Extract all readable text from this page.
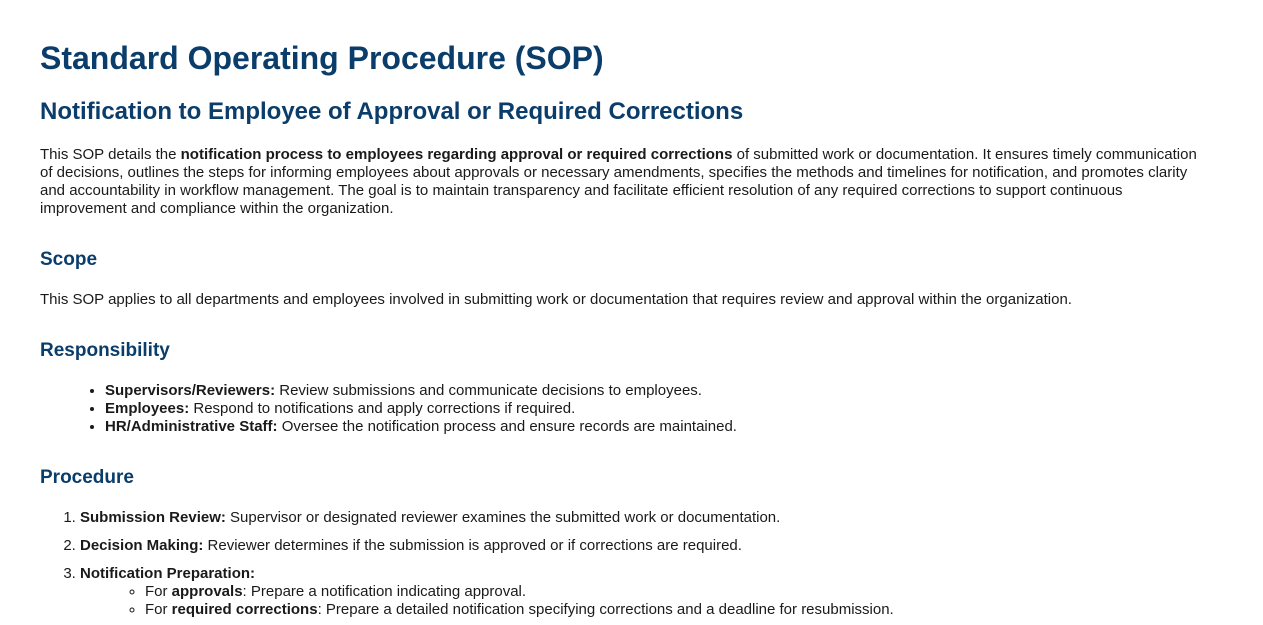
Standard Operating Procedure (SOP)
Notification to Employee of Approval or Required Corrections

This SOP details the notification process to employees regarding approval or required corrections of submitted work or documentation. It ensures timely communication of decisions, outlines the steps for informing employees about approvals or necessary amendments, specifies the methods and timelines for notification, and promotes clarity and accountability in workflow management. The goal is to maintain transparency and facilitate efficient resolution of any required corrections to support continuous improvement and compliance within the organization.

Scope

This SOP applies to all departments and employees involved in submitting work or documentation that requires review and approval within the organization.

Responsibility
• Supervisors/Reviewers: Review submissions and communicate decisions to employees.
• Employees: Respond to notifications and apply corrections if required.
• HR/Administrative Staff: Oversee the notification process and ensure records are maintained.
Procedure
1. Submission Review: Supervisor or designated reviewer examines the submitted work or documentation.
2. Decision Making: Reviewer determines if the submission is approved or if corrections are required.
3. Notification Preparation:
◦ For approvals: Prepare a notification indicating approval.
◦ For required corrections: Prepare a detailed notification specifying corrections and a deadline for resubmission.
